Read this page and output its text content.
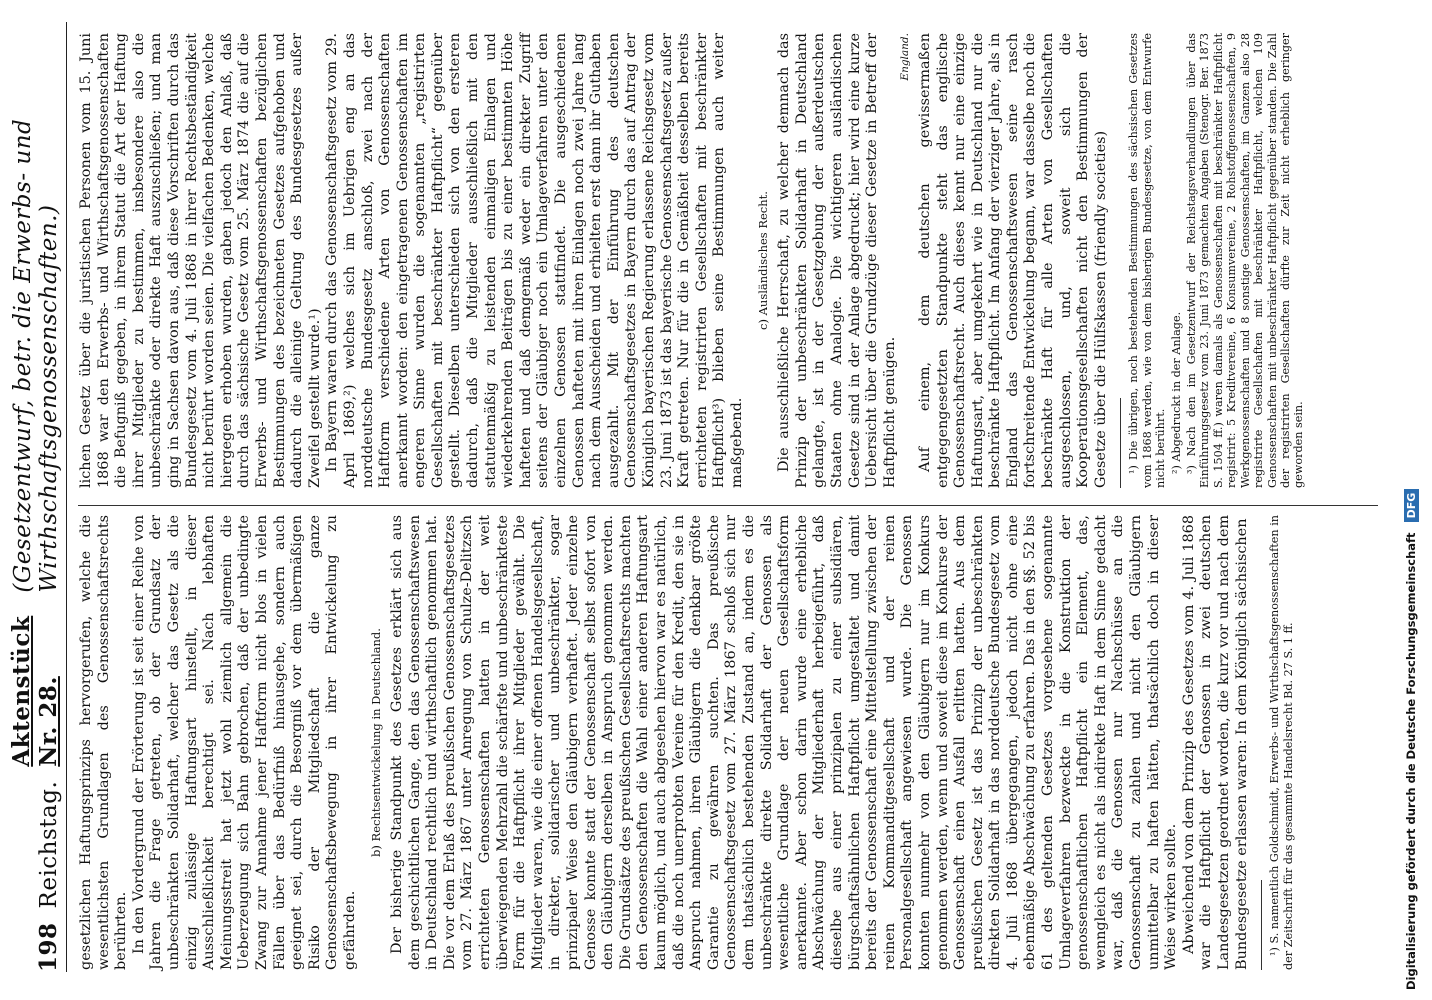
198
Reichstag.
Aktenstück Nr. 28.
(Gesetzentwurf, betr. die Erwerbs- und Wirthschaftsgenossenschaften.)

gesetzlichen Haftungsprinzips hervorgerufen, welche die wesentlichsten Grundlagen des Genossenschaftsrechts berührten. In den Vordergrund der Erörterung ist seit einer Reihe von Jahren die Frage getreten, ob der Grundsatz der unbeschränkten Solidarhaft, welcher das Gesetz als die einzig zulässige Haftungsart hinstellt, in dieser Ausschließlichkeit berechtigt sei. Nach lebhaften Meinungsstreit hat jetzt wohl ziemlich allgemein die Ueberzeugung sich Bahn gebrochen, daß der unbedingte Zwang zur Annahme jener Haftform nicht blos in vielen Fällen über das Bedürfniß hinausgehe, sondern auch geeignet sei, durch die Besorgniß vor dem übermäßigen Risiko der Mitgliedschaft die ganze Genossenschaftsbewegung in ihrer Entwickelung zu gefährden.

b) Rechtsentwickelung in Deutschland. Der bisherige Standpunkt des Gesetzes erklärt sich aus dem geschichtlichen Gange, den das Genossenschaftswesen in Deutschland rechtlich und wirthschaftlich genommen hat. Die vor dem Erlaß des preußischen Genossenschaftsgesetzes vom 27. März 1867 unter Anregung von Schulze-Delitzsch errichteten Genossenschaften hatten in der weit überwiegenden Mehrzahl die schärfste und unbeschränkteste Form für die Haftpflicht ihrer Mitglieder gewählt. Die Mitglieder waren, wie die einer offenen Handelsgesellschaft, in direkter, solidarischer und unbeschränkter, sogar prinzipaler Weise den Gläubigern verhaftet. Jeder einzelne Genosse konnte statt der Genossenschaft selbst sofort von den Gläubigern derselben in Anspruch genommen werden. Die Grundsätze des preußischen Gesellschaftsrechts machten den Genossenschaften die Wahl einer anderen Haftungsart kaum möglich, und auch abgesehen hiervon war es natürlich, daß die noch unerprobten Vereine für den Kredit, den sie in Anspruch nahmen, ihren Gläubigern die denkbar größte Garantie zu gewähren suchten. Das preußische Genossenschaftsgesetz vom 27. März 1867 schloß sich nur dem thatsächlich bestehenden Zustand an, indem es die unbeschränkte direkte Solidarhaft der Genossen als wesentliche Grundlage der neuen Gesellschaftsform anerkannte. Aber schon darin wurde eine erhebliche Abschwächung der Mitgliederhaft herbeigeführt, daß dieselbe aus einer prinzipalen zu einer subsidiären, bürgschaftsähnlichen Haftpflicht umgestaltet und damit bereits der Genossenschaft eine Mittelstellung zwischen der reinen Kommanditgesellschaft und der reinen Personalgesellschaft angewiesen wurde. Die Genossen konnten nunmehr von den Gläubigern nur im Konkurs genommen werden, wenn und soweit diese im Konkurse der Genossenschaft einen Ausfall erlitten hatten. Aus dem preußischen Gesetz ist das Prinzip der unbeschränkten direkten Solidarhaft in das norddeutsche Bundesgesetz vom 4. Juli 1868 übergegangen, jedoch nicht ohne eine ebenmäßige Abschwächung zu erfahren. Das in den §§. 52 bis 61 des geltenden Gesetzes vorgesehene sogenannte Umlageverfahren bezweckte in die Konstruktion der genossenschaftlichen Haftpflicht ein Element, das, wenngleich es nicht als indirekte Haft in dem Sinne gedacht war, daß die Genossen nur Nachschüsse an die Genossenschaft zu zahlen und nicht den Gläubigern unmittelbar zu haften hätten, thatsächlich doch in dieser Weise wirken sollte. Abweichend von dem Prinzip des Gesetzes vom 4. Juli 1868 war die Haftpflicht der Genossen in zwei deutschen Landesgesetzen geordnet worden, die kurz vor und nach dem Bundesgesetze erlassen waren: In dem Königlich sächsischen ¹) S. namentlich Goldschmidt, Erwerbs- und Wirthschaftsgenossenschaften in der Zeitschrift für das gesammte Handelsrecht Bd. 27 S. 1 ff.

lichen Gesetz über die juristischen Personen vom 15. Juni 1868 war den Erwerbs- und Wirthschaftsgenossenschaften die Befugniß gegeben, in ihrem Statut die Art der Haftung ihrer Mitglieder zu bestimmen, insbesondere also die unbeschränkte oder direkte Haft auszuschließen; und man ging in Sachsen davon aus, daß diese Vorschriften durch das Bundesgesetz vom 4. Juli 1868 in ihrer Rechtsbeständigkeit nicht berührt worden seien. Die vielfachen Bedenken, welche hiergegen erhoben wurden, gaben jedoch den Anlaß, daß durch das sächsische Gesetz vom 25. März 1874 die auf die Erwerbs- und Wirthschaftsgenossenschaften bezüglichen Bestimmungen des bezeichneten Gesetzes aufgehoben und dadurch die alleinige Geltung des Bundesgesetzes außer Zweifel gestellt wurde.¹) In Bayern waren durch das Genossenschaftsgesetz vom 29. April 1869,²) welches sich im Uebrigen eng an das norddeutsche Bundesgesetz anschloß, zwei nach der Haftform verschiedene Arten von Genossenschaften anerkannt worden: den eingetragenen Genossenschaften im engeren Sinne wurden die sogenannten „registrirten Gesellschaften mit beschränkter Haftpflicht“ gegenüber gestellt. Dieselben unterschieden sich von den ersteren dadurch, daß die Mitglieder ausschließlich mit den statutenmäßig zu leistenden einmaligen Einlagen und wiederkehrenden Beiträgen bis zu einer bestimmten Höhe hafteten und daß demgemäß weder ein direkter Zugriff seitens der Gläubiger noch ein Umlageverfahren unter den einzelnen Genossen stattfindet. Die ausgeschiedenen Genossen hafteten mit ihren Einlagen noch zwei Jahre lang nach dem Ausscheiden und erhielten erst dann ihr Guthaben ausgezahlt. Mit der Einführung des deutschen Genossenschaftsgesetzes in Bayern durch das auf Antrag der Königlich bayerischen Regierung erlassene Reichsgesetz vom 23. Juni 1873 ist das bayerische Genossenschaftsgesetz außer Kraft getreten. Nur für die in Gemäßheit desselben bereits errichteten registrirten Gesellschaften mit beschränkter Haftpflicht³) blieben seine Bestimmungen auch weiter maßgebend.

c) Ausländisches Recht. Die ausschließliche Herrschaft, zu welcher demnach das Prinzip der unbeschränkten Solidarhaft in Deutschland gelangte, ist in der Gesetzgebung der außerdeutschen Staaten ohne Analogie. Die wichtigeren ausländischen Gesetze sind in der Anlage abgedruckt; hier wird eine kurze Uebersicht über die Grundzüge dieser Gesetze in Betreff der Haftpflicht genügen.

England. Auf einem, dem deutschen gewissermaßen entgegengesetzten Standpunkte steht das englische Genossenschaftsrecht. Auch dieses kennt nur eine einzige Haftungsart, aber umgekehrt wie in Deutschland nur die beschränkte Haftpflicht. Im Anfang der vierziger Jahre, als in England das Genossenschaftswesen seine rasch fortschreitende Entwickelung begann, war dasselbe noch die beschränkte Haft für alle Arten von Gesellschaften ausgeschlossen, und, soweit sich die Kooperationsgesellschaften nicht den Bestimmungen der Gesetze über die Hülfskassen (friendly societies) ¹) Die übrigen, noch bestehenden Bestimmungen des sächsischen Gesetzes vom 1868 werden, wie von dem bisherigen Bundesgesetze, von dem Entwurfe nicht berührt. ²) Abgedruckt in der Anlage. ³) Nach den im Gesetzentwurf der Reichstagsverhandlungen über das Einführungsgesetz vom 23. Juni 1873 gemachten Angaben (Stenogr. Ber. 1873 S. 1504 ff.) waren damals als Genossenschaften mit beschränkter Haftpflicht registrirt: 5 Kreditvereine, 6 Konsumvereine, 2 Rohstoffgenossenschaften, 9 Werkgenossenschaften und 8 sonstige Genossenschaften, im Ganzen also 28 registrirte Gesellschaften mit beschränkter Haftpflicht, welchen 109 Genossenschaften mit unbeschränkter Haftpflicht gegenüber standen. Die Zahl der registrirten Gesellschaften dürfte zur Zeit nicht erheblich geringer geworden sein.

Digitalisierung gefördert durch die Deutsche Forschungsgemeinschaft DFG
